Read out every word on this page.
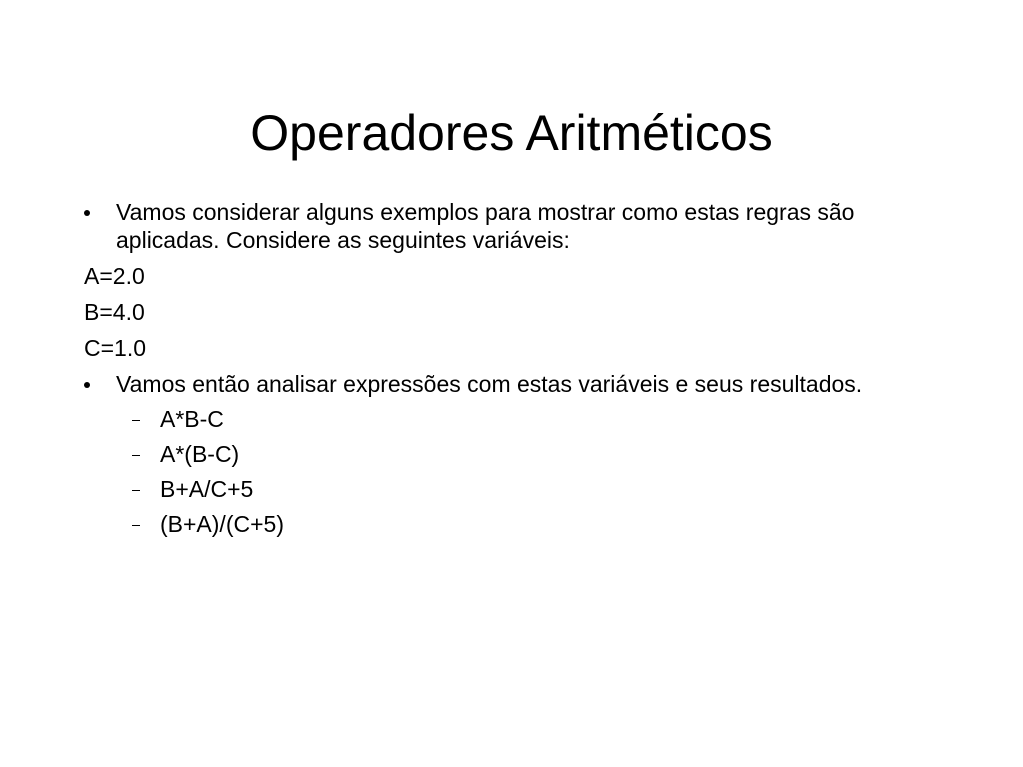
Operadores Aritméticos
Vamos considerar alguns exemplos para mostrar como estas regras são aplicadas. Considere as seguintes variáveis:
A=2.0
B=4.0
C=1.0
Vamos então analisar expressões com estas variáveis e seus resultados.
A*B-C
A*(B-C)
B+A/C+5
(B+A)/(C+5)
